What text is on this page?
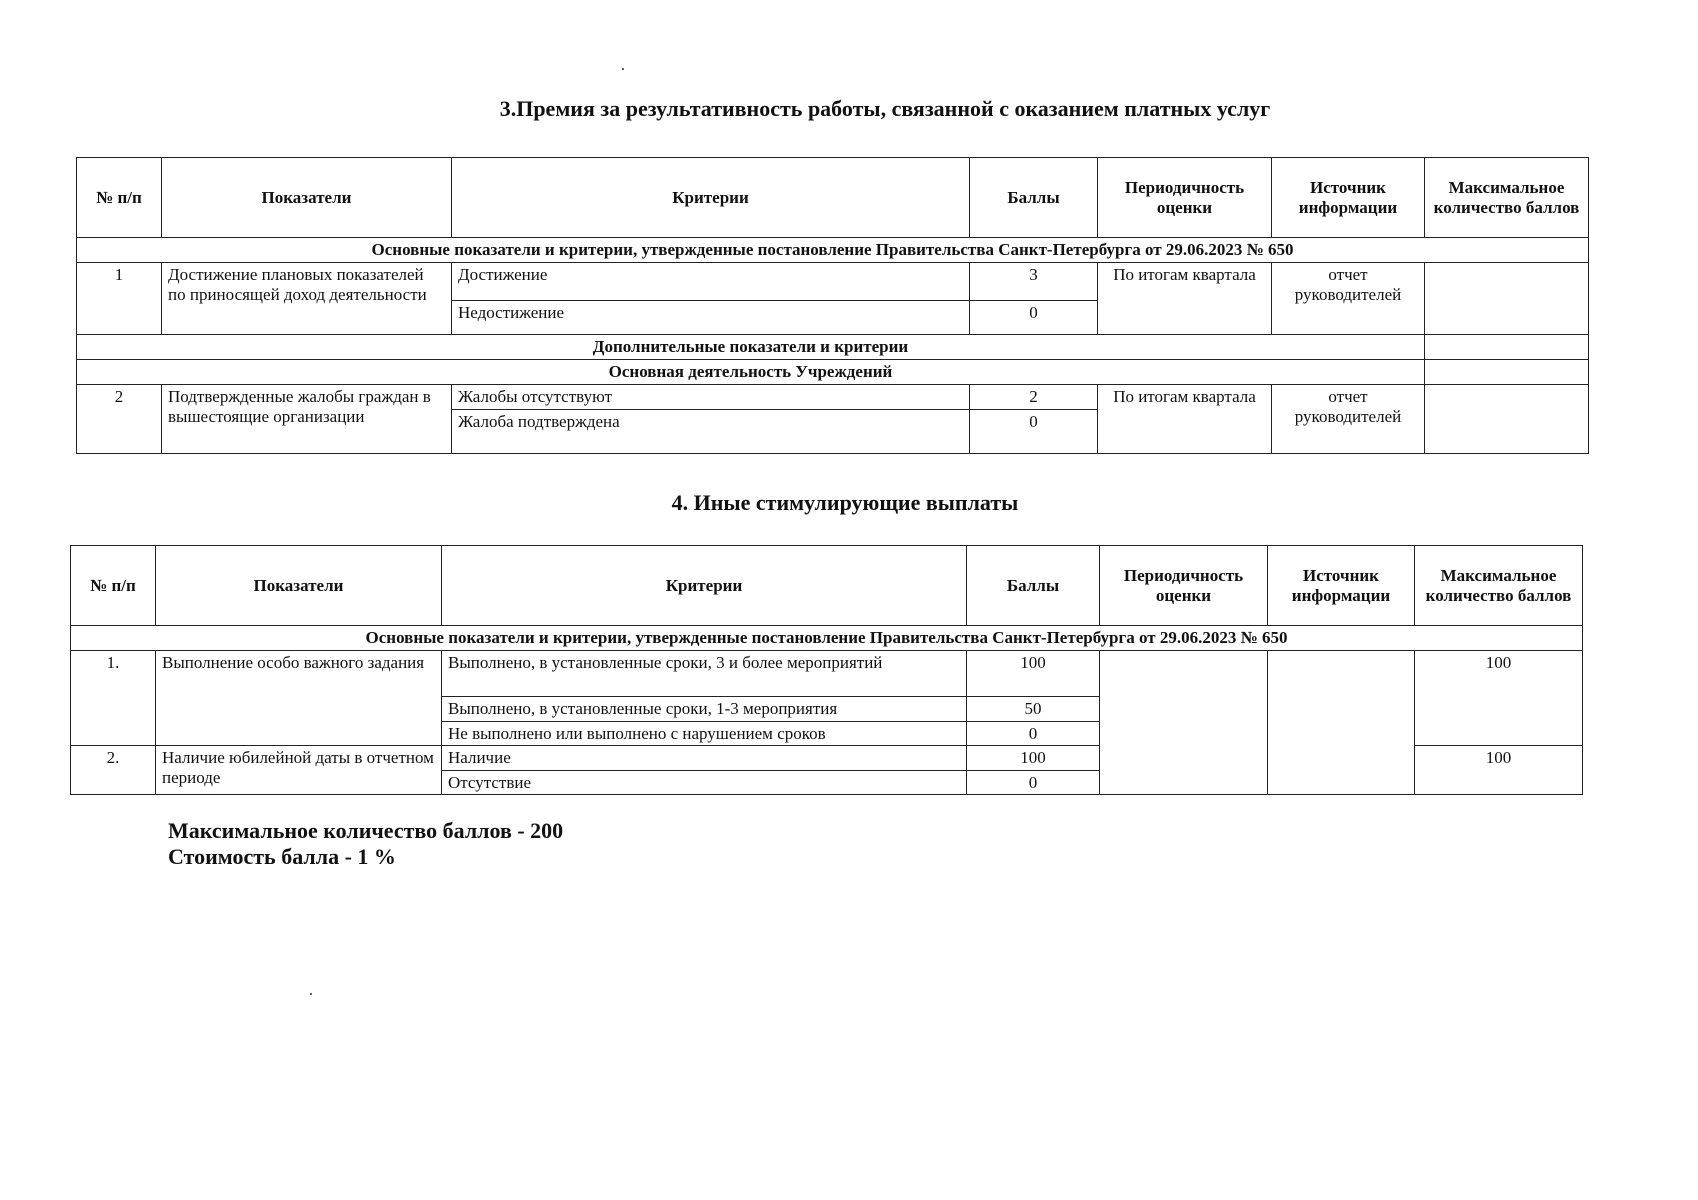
3.Премия за результативность работы, связанной с оказанием платных услуг
№ п/п	Показатели	Критерии	Баллы	Периодичность оценки	Источник информации	Максимальное количество баллов
Основные показатели и критерии, утвержденные постановление Правительства Санкт-Петербурга от 29.06.2023 № 650						
1	Достижение плановых показателей по приносящей доход деятельности	Достижение	3	По итогам квартала	отчет руководителей	
		Недостижение	0			
Дополнительные показатели и критерии						
Основная деятельность Учреждений						
2	Подтвержденные жалобы граждан в вышестоящие организации	Жалобы отсутствуют	2	По итогам квартала	отчет руководителей	
		Жалоба подтверждена	0			
4. Иные стимулирующие выплаты
№ п/п	Показатели	Критерии	Баллы	Периодичность оценки	Источник информации	Максимальное количество баллов
Основные показатели и критерии, утвержденные постановление Правительства Санкт-Петербурга от 29.06.2023 № 650						
1.	Выполнение особо важного задания	Выполнено, в установленные сроки, 3 и более мероприятий	100			100
		Выполнено, в установленные сроки, 1-3 мероприятия	50			
		Не выполнено или выполнено с нарушением сроков	0			
2.	Наличие юбилейной даты в отчетном периоде	Наличие	100			100
		Отсутствие	0			
Максимальное количество баллов - 200
Стоимость балла - 1 %
